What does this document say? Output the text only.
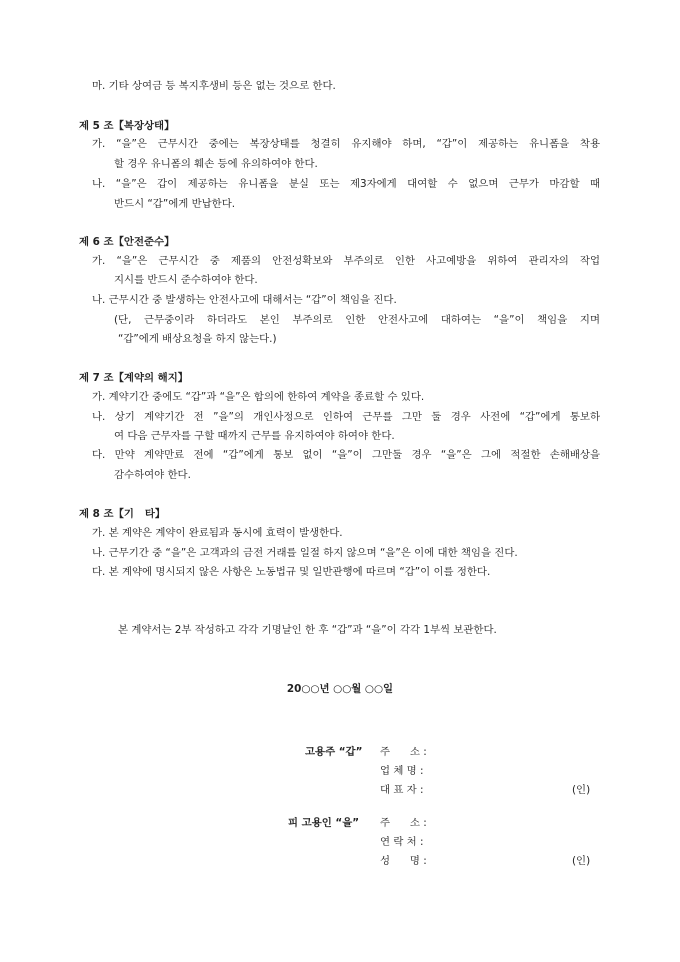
마. 기타 상여금 등 복지후생비 등은 없는 것으로 한다.
제 5 조【복장상태】
가. “을”은 근무시간 중에는 복장상태를 청결히 유지해야 하며, “갑”이 제공하는 유니폼을 착용
할 경우 유니폼의 훼손 등에 유의하여야 한다.
나. “을”은 갑이 제공하는 유니폼을 분실 또는 제3자에게 대여할 수 없으며 근무가 마감할 때
반드시 “갑”에게 반납한다.
제 6 조【안전준수】
가. “을”은 근무시간 중 제품의 안전성확보와 부주의로 인한 사고예방을 위하여 관리자의 작업
지시를 반드시 준수하여야 한다.
나. 근무시간 중 발생하는 안전사고에 대해서는 “갑”이 책임을 진다.
(단, 근무중이라 하더라도 본인 부주의로 인한 안전사고에 대하여는 “을”이 책임을 지며
“갑”에게 배상요청을 하지 않는다.)
제 7 조【계약의 해지】
가. 계약기간 중에도 “갑”과 “을”은 합의에 한하여 계약을 종료할 수 있다.
나. 상기 계약기간 전 ”을”의 개인사정으로 인하여 근무를 그만 둘 경우 사전에 “갑”에게 통보하
여 다음 근무자를 구할 때까지 근무를 유지하여야 하여야 한다.
다. 만약 계약만료 전에 “갑”에게 통보 없이 “을”이 그만둘 경우 “을”은 그에 적절한 손해배상을
감수하여야 한다.
제 8 조【기   타】
가. 본 계약은 계약이 완료됨과 동시에 효력이 발생한다.
나. 근무기간 중 “을”은 고객과의 금전 거래를 일절 하지 않으며 “을”은 이에 대한 책임을 진다.
다. 본 계약에 명시되지 않은 사항은 노동법규 및 일반관행에 따르며 “갑”이 이를 정한다.
본 계약서는 2부 작성하고 각각 기명날인 한 후 “갑”과 “을”이 각각 1부씩 보관한다.
20○○년 ○○월 ○○일
고용주 “갑” 주      소 :
업 체 명 :
대 표 자 :	(인)
피 고용인 “을” 주      소 :
연 락 처 :
성      명 :	(인)
